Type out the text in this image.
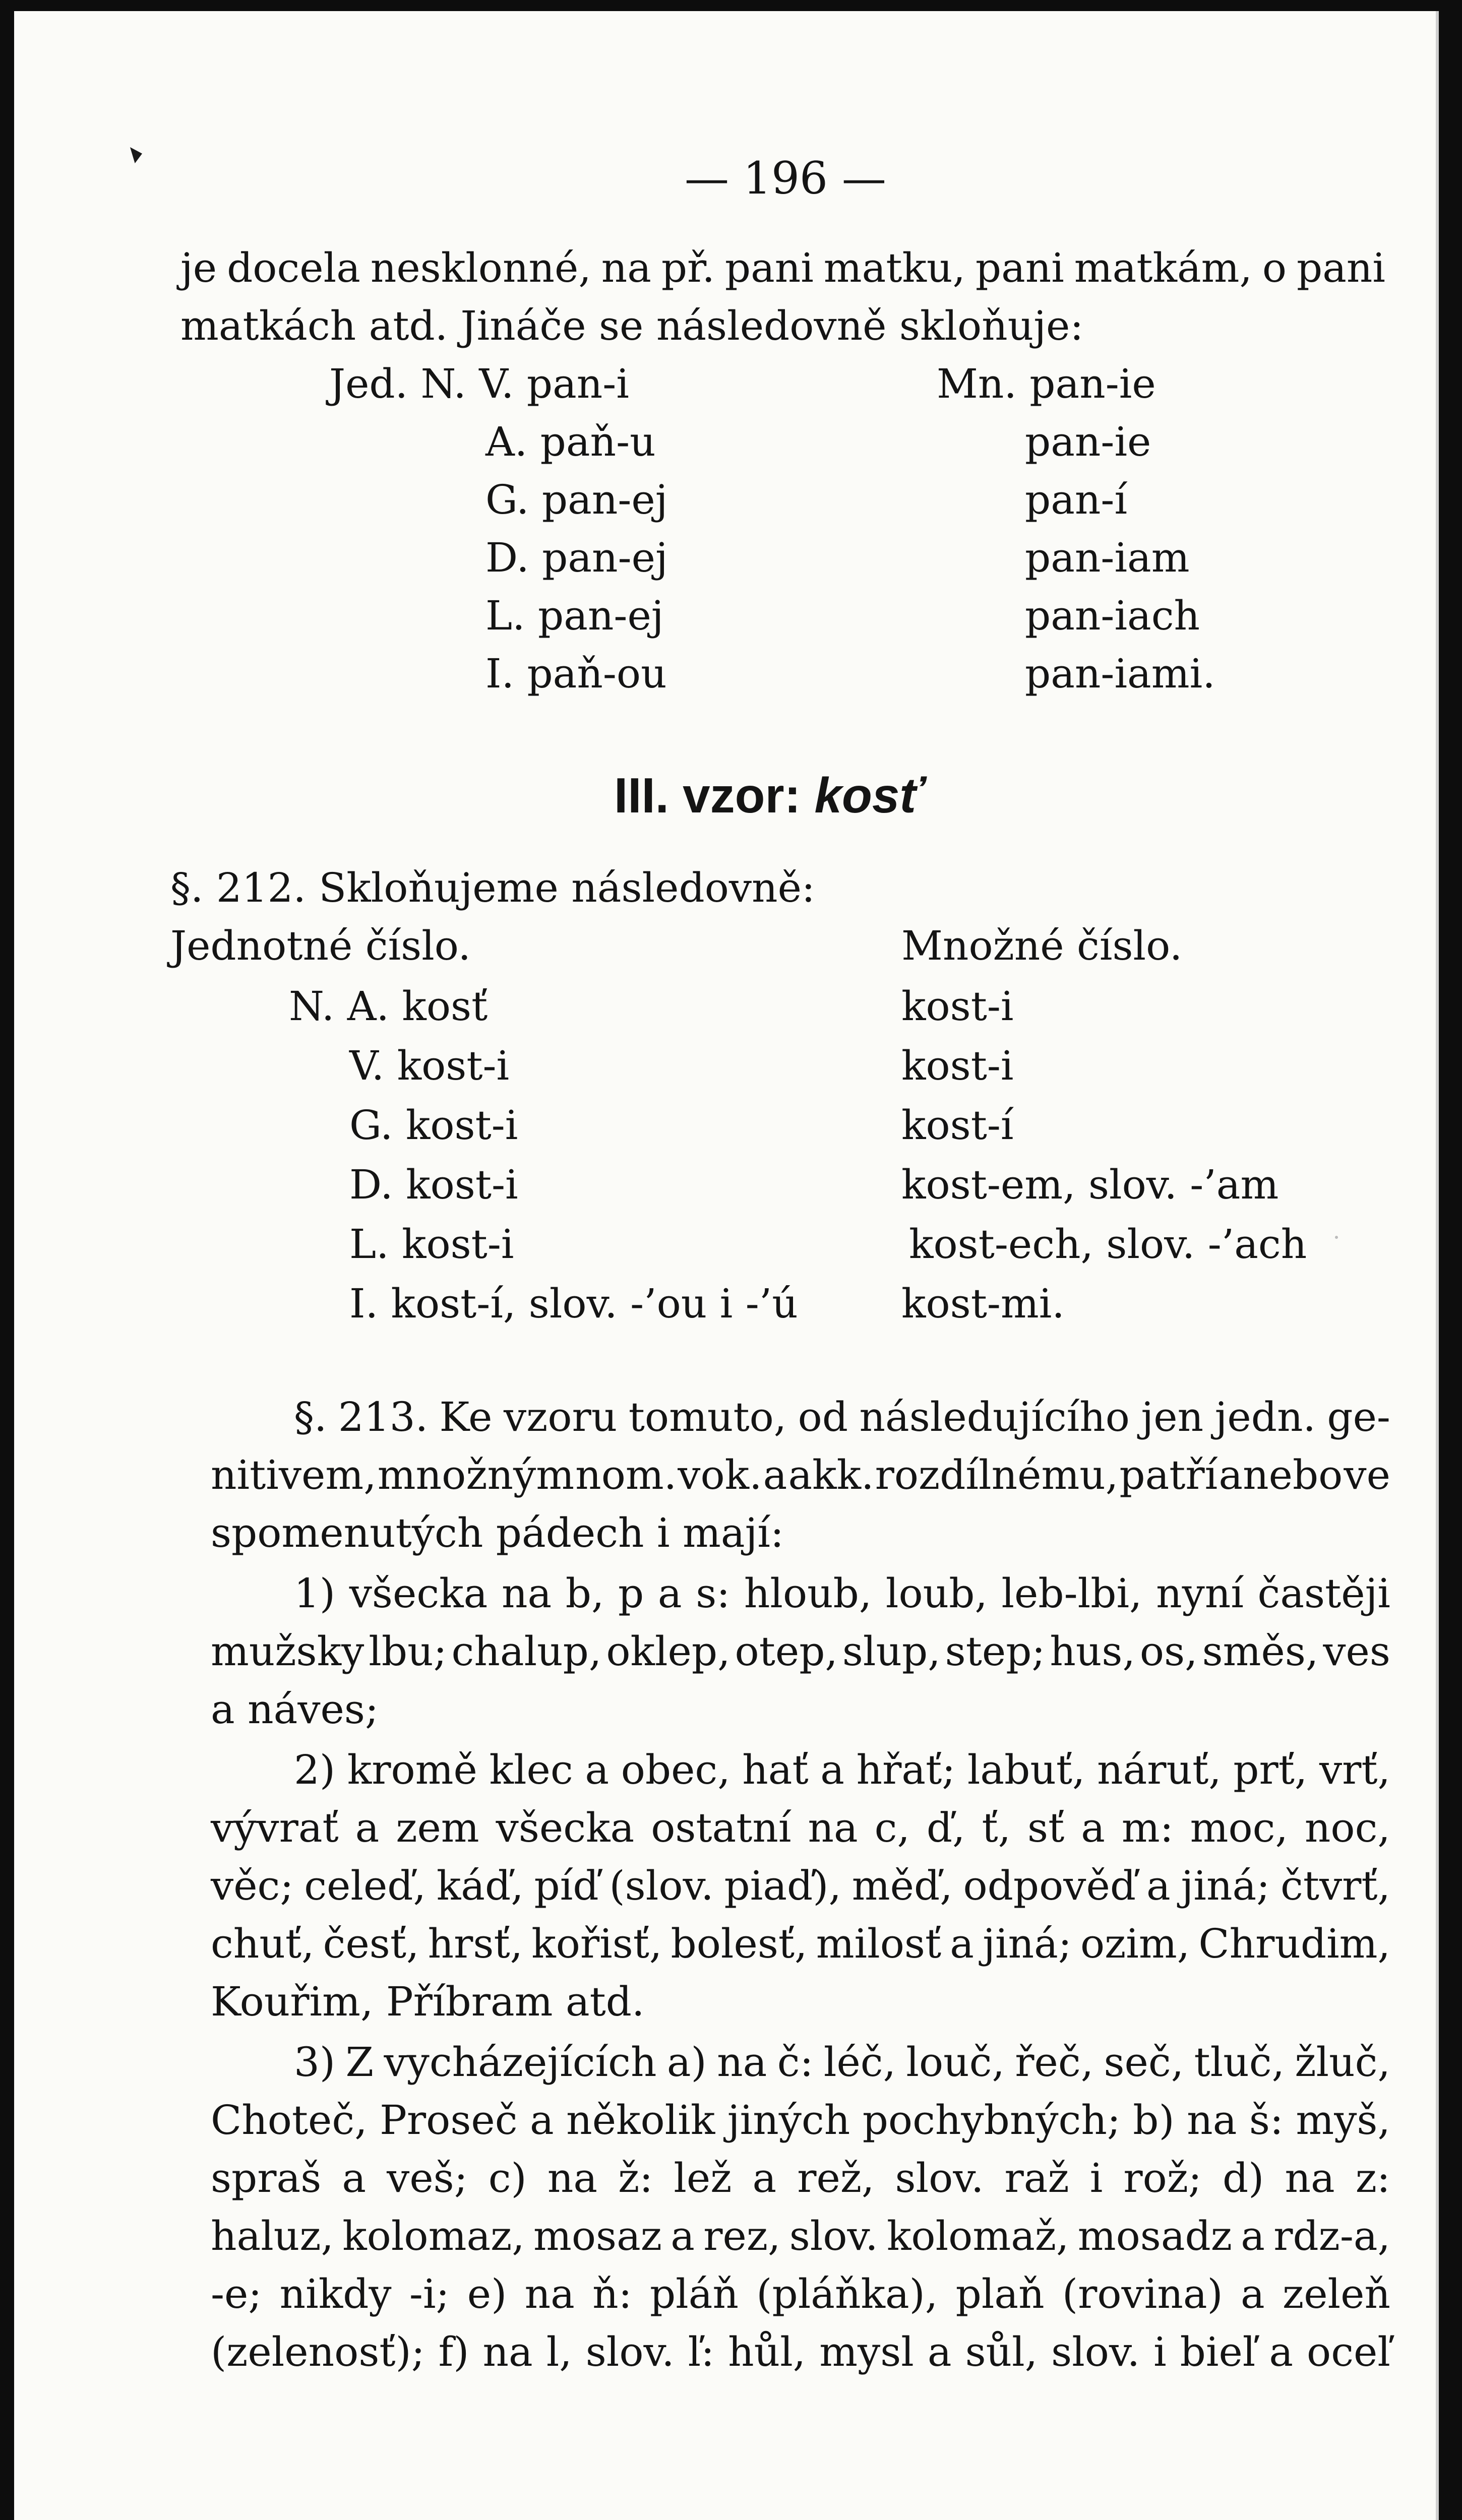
— 196 —
je docela nesklonné, na př. pani matku, pani matkám, o pani
matkách atd. Jináče se následovně skloňuje:
Jed. N. V. pan-i
A. paň-u
G. pan-ej
D. pan-ej
L. pan-ej
I. paň-ou
Mn. pan-ie
pan-ie
pan-í
pan-iam
pan-iach
pan-iami.
III. vzor: kosť
§. 212. Skloňujeme následovně:
Jednotné číslo.	Množné číslo.
N. A. kosť
V. kost-i
G. kost-i
D. kost-i
L. kost-i
I. kost-í, slov. -’ou i -’ú
kost-i
kost-i
kost-í
kost-em, slov. -’am
kost-ech, slov. -’ach
kost-mi.
§. 213. Ke vzoru tomuto, od následujícího jen jedn. ge-
nitivem, množným nom. vok. a akk. rozdílnému, patří anebo ve
spomenutých pádech i mají:
1) všecka na b, p a s: hloub, loub, leb-lbi, nyní častěji
mužsky lbu; chalup, oklep, otep, slup, step; hus, os, směs, ves
a náves;
2) kromě klec a obec, hať a hřať; labuť, náruť, prť, vrť,
vývrať a zem všecka ostatní na c, ď, ť, sť a m: moc, noc,
věc; celeď, káď, píď (slov. piaď), měď, odpověď a jiná; čtvrť,
chuť, česť, hrsť, kořisť, bolesť, milosť a jiná; ozim, Chrudim,
Kouřim, Příbram atd.
3) Z vycházejících a) na č: léč, louč, řeč, seč, tluč, žluč,
Choteč, Proseč a několik jiných pochybných; b) na š: myš,
spraš a veš; c) na ž: lež a rež, slov. raž i rož; d) na z:
haluz, kolomaz, mosaz a rez, slov. kolomaž, mosadz a rdz-a,
-e; nikdy -i; e) na ň: pláň (pláňka), plaň (rovina) a zeleň
(zelenosť); f) na l, slov. ľ: hůl, mysl a sůl, slov. i bieľ a oceľ
